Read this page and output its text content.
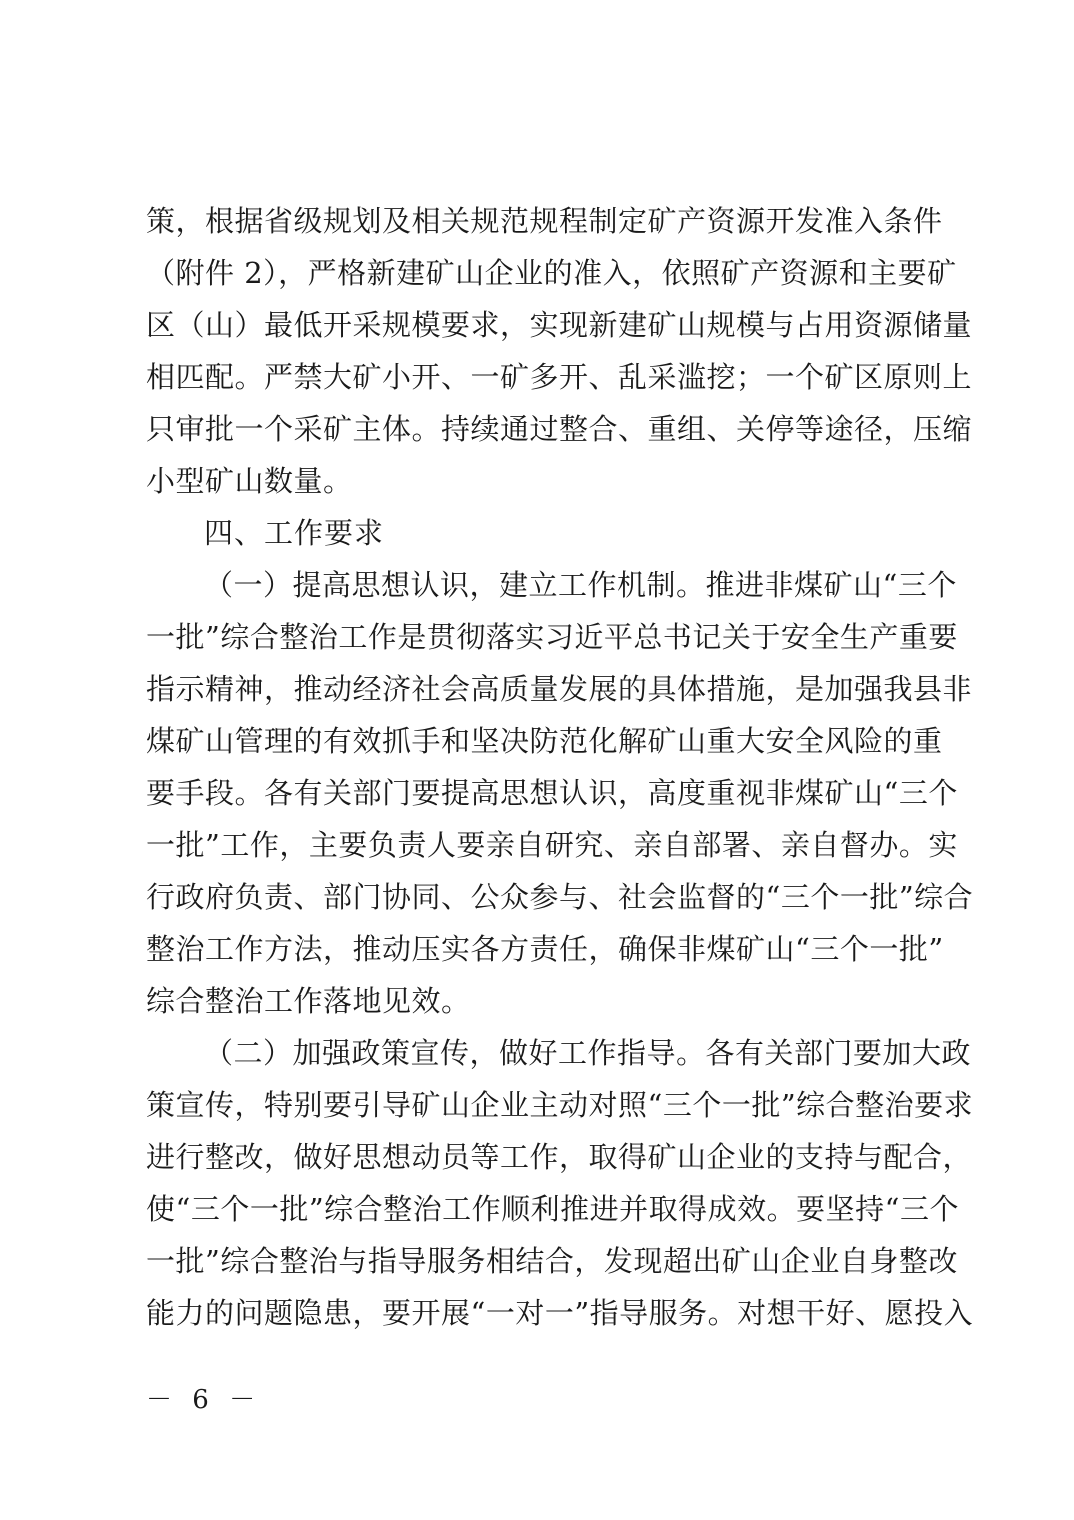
策，根据省级规划及相关规范规程制定矿产资源开发准入条件
（附件 2），严格新建矿山企业的准入，依照矿产资源和主要矿
区（山）最低开采规模要求，实现新建矿山规模与占用资源储量
相匹配。严禁大矿小开、一矿多开、乱采滥挖；一个矿区原则上
只审批一个采矿主体。持续通过整合、重组、关停等途径，压缩
小型矿山数量。
四、工作要求
（一）提高思想认识，建立工作机制。推进非煤矿山“三个
一批”综合整治工作是贯彻落实习近平总书记关于安全生产重要
指示精神，推动经济社会高质量发展的具体措施，是加强我县非
煤矿山管理的有效抓手和坚决防范化解矿山重大安全风险的重
要手段。各有关部门要提高思想认识，高度重视非煤矿山“三个
一批”工作，主要负责人要亲自研究、亲自部署、亲自督办。实
行政府负责、部门协同、公众参与、社会监督的“三个一批”综合
整治工作方法，推动压实各方责任，确保非煤矿山“三个一批”
综合整治工作落地见效。
（二）加强政策宣传，做好工作指导。各有关部门要加大政
策宣传，特别要引导矿山企业主动对照“三个一批”综合整治要求
进行整改，做好思想动员等工作，取得矿山企业的支持与配合，
使“三个一批”综合整治工作顺利推进并取得成效。要坚持“三个
一批”综合整治与指导服务相结合，发现超出矿山企业自身整改
能力的问题隐患，要开展“一对一”指导服务。对想干好、愿投入
－ 6 －
